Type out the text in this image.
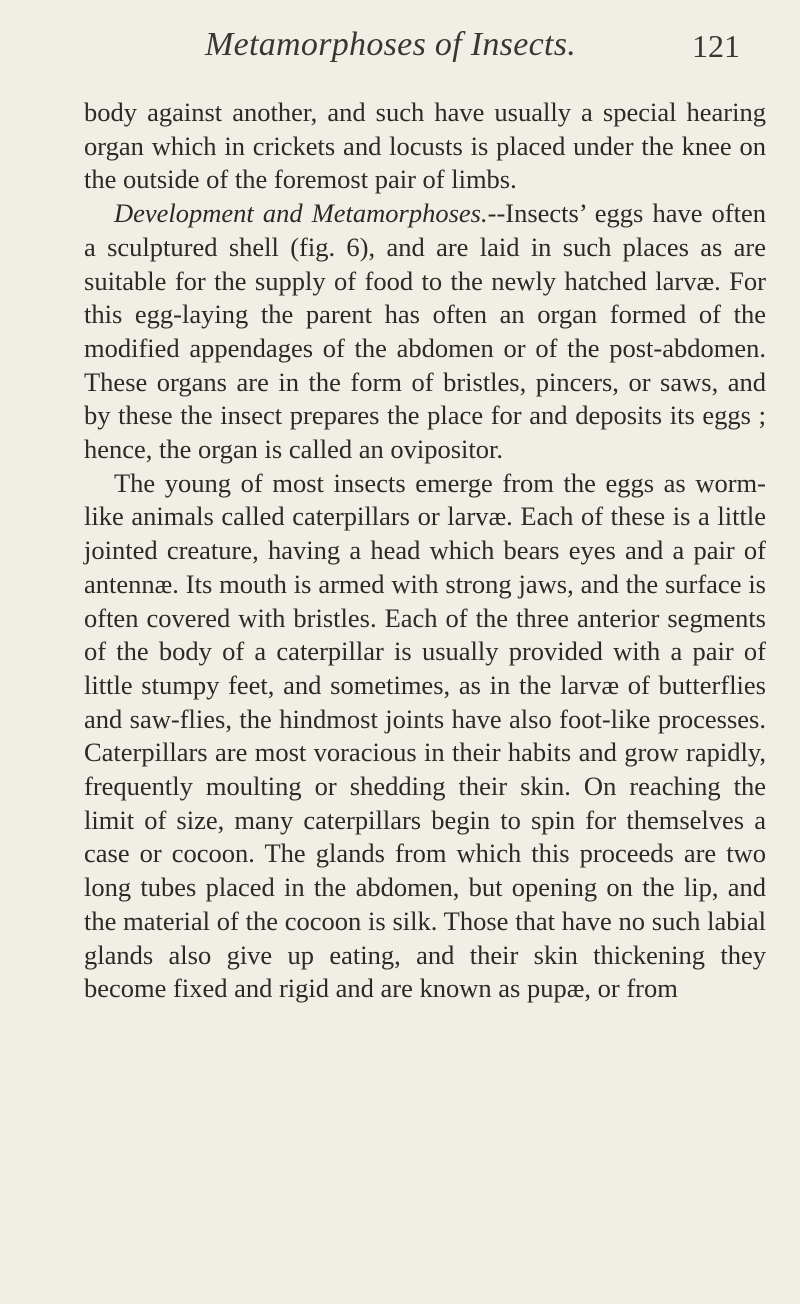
Metamorphoses of Insects.	121

body against another, and such have usually a special hearing organ which in crickets and locusts is placed under the knee on the outside of the foremost pair of limbs.

Development and Metamorphoses.--Insects’ eggs have often a sculptured shell (fig. 6), and are laid in such places as are suitable for the supply of food to the newly hatched larvæ. For this egg-laying the parent has often an organ formed of the modified appendages of the abdomen or of the post-abdomen. These organs are in the form of bristles, pincers, or saws, and by these the insect prepares the place for and deposits its eggs ; hence, the organ is called an ovipositor.

The young of most insects emerge from the eggs as worm-like animals called caterpillars or larvæ. Each of these is a little jointed creature, having a head which bears eyes and a pair of antennæ. Its mouth is armed with strong jaws, and the surface is often covered with bristles. Each of the three anterior segments of the body of a caterpillar is usually provided with a pair of little stumpy feet, and sometimes, as in the larvæ of butterflies and saw-flies, the hindmost joints have also foot-like processes. Caterpillars are most voracious in their habits and grow rapidly, frequently moulting or shedding their skin. On reaching the limit of size, many caterpillars begin to spin for themselves a case or cocoon. The glands from which this proceeds are two long tubes placed in the abdomen, but opening on the lip, and the material of the cocoon is silk. Those that have no such labial glands also give up eating, and their skin thickening they become fixed and rigid and are known as pupæ, or from
